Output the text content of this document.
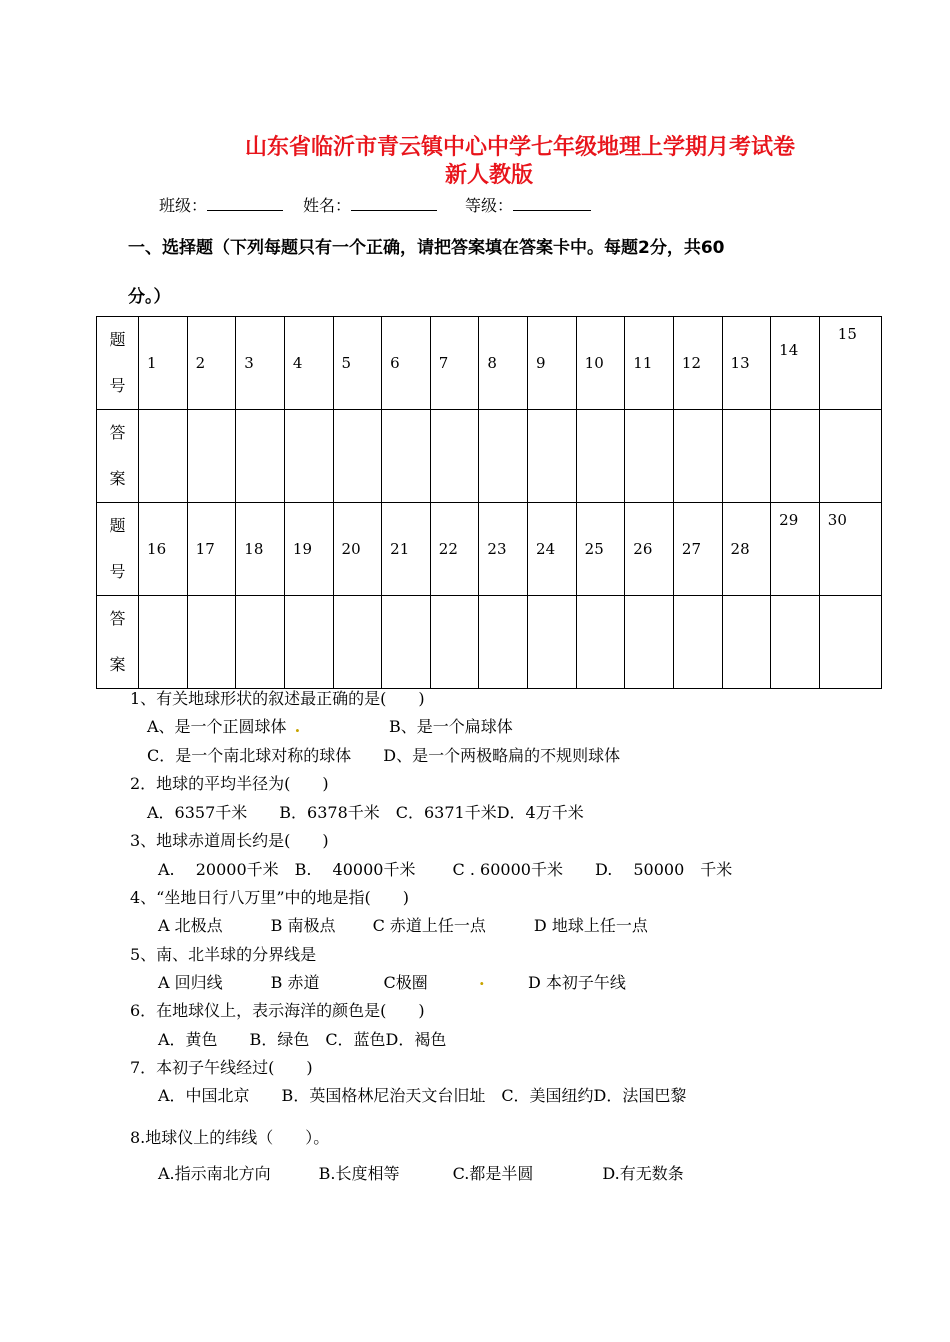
山东省临沂市青云镇中心中学七年级地理上学期月考试卷
新人教版
班级：	姓名：	等级：
一、选择题（下列每题只有一个正确，请把答案填在答案卡中。每题2分，共60
分。）
题
号	1	2	3	4	5	6	7	8	9	10	11	12	13	14	15

答
案															

题
号	16	17	18	19	20	21	22	23	24	25	26	27	28	29	30

答
案															

1、有关地球形状的叙述最正确的是(　　)
A、是一个正圆球体 .	B、是一个扁球体
C．是一个南北球对称的球体　　D、是一个两极略扁的不规则球体
2．地球的平均半径为(　　)
A．6357千米　　B．6378千米　C．6371千米D．4万千米
3、地球赤道周长约是(　　)
A.　 20000千米　B.　 40000千米　　 C . 60000千米　　D.　 50000　千米
4、“坐地日行八万里”中的地是指(　　)
A 北极点　　　B 南极点　　 C 赤道上任一点　　　D 地球上任一点
5、南、北半球的分界线是
A 回归线　　　B 赤道　　　　C极圈	.	D 本初子午线
6．在地球仪上，表示海洋的颜色是(　　)
A．黄色　　B．绿色　C．蓝色D．褐色
7．本初子午线经过(　　)
A．中国北京　　B．英国格林尼治天文台旧址　C．美国纽约D．法国巴黎
8.地球仪上的纬线（　　）。
A.指示南北方向　　　B.长度相等　　　 C.都是半圆　　　　 D.有无数条
